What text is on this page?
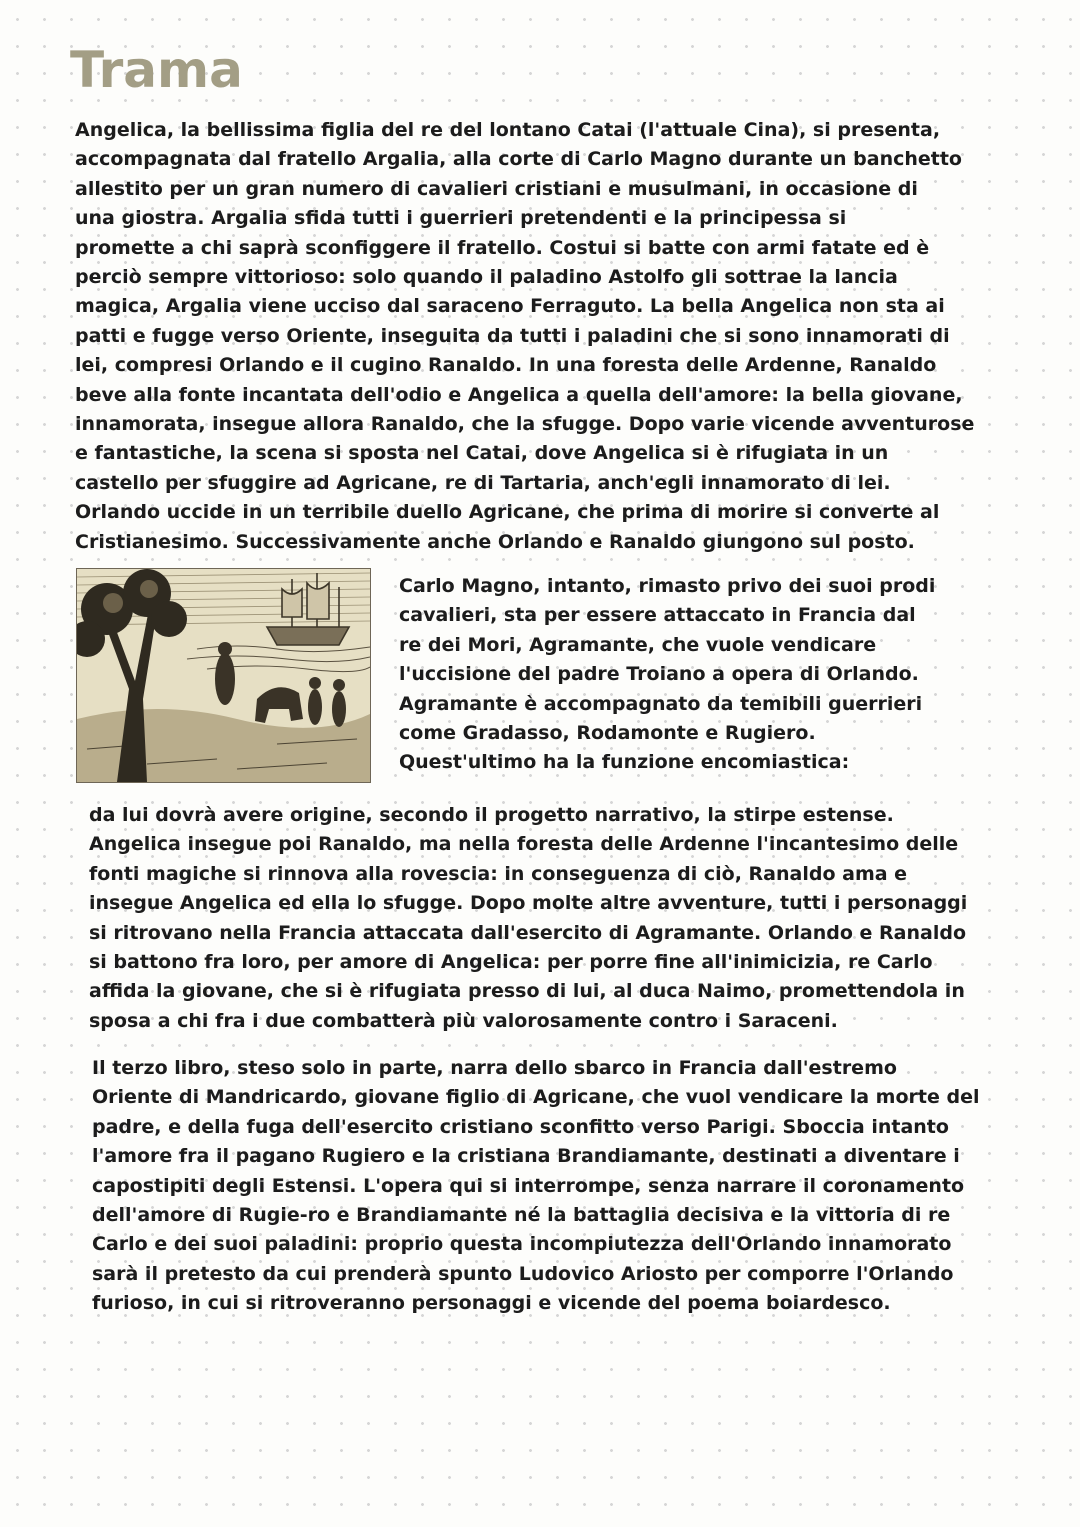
Trama

Angelica, la bellissima figlia del re del lontano Catai (l'attuale Cina), si presenta,
accompagnata dal fratello Argalia, alla corte di Carlo Magno durante un banchetto
allestito per un gran numero di cavalieri cristiani e musulmani, in occasione di
una giostra. Argalia sfida tutti i guerrieri pretendenti e la principessa si
promette a chi saprà sconfiggere il fratello. Costui si batte con armi fatate ed è
perciò sempre vittorioso: solo quando il paladino Astolfo gli sottrae la lancia
magica, Argalia viene ucciso dal saraceno Ferraguto. La bella Angelica non sta ai
patti e fugge verso Oriente, inseguita da tutti i paladini che si sono innamorati di
lei, compresi Orlando e il cugino Ranaldo. In una foresta delle Ardenne, Ranaldo
beve alla fonte incantata dell'odio e Angelica a quella dell'amore: la bella giovane,
innamorata, insegue allora Ranaldo, che la sfugge. Dopo varie vicende avventurose
e fantastiche, la scena si sposta nel Catai, dove Angelica si è rifugiata in un
castello per sfuggire ad Agricane, re di Tartaria, anch'egli innamorato di lei.
Orlando uccide in un terribile duello Agricane, che prima di morire si converte al
Cristianesimo. Successivamente anche Orlando e Ranaldo giungono sul posto.

Carlo Magno, intanto, rimasto privo dei suoi prodi
cavalieri, sta per essere attaccato in Francia dal
re dei Mori, Agramante, che vuole vendicare
l'uccisione del padre Troiano a opera di Orlando.
Agramante è accompagnato da temibili guerrieri
come Gradasso, Rodamonte e Rugiero.
Quest'ultimo ha la funzione encomiastica:

da lui dovrà avere origine, secondo il progetto narrativo, la stirpe estense.
Angelica insegue poi Ranaldo, ma nella foresta delle Ardenne l'incantesimo delle
fonti magiche si rinnova alla rovescia: in conseguenza di ciò, Ranaldo ama e
insegue Angelica ed ella lo sfugge. Dopo molte altre avventure, tutti i personaggi
si ritrovano nella Francia attaccata dall'esercito di Agramante. Orlando e Ranaldo
si battono fra loro, per amore di Angelica: per porre fine all'inimicizia, re Carlo
affida la giovane, che si è rifugiata presso di lui, al duca Naimo, promettendola in
sposa a chi fra i due combatterà più valorosamente contro i Saraceni.

Il terzo libro, steso solo in parte, narra dello sbarco in Francia dall'estremo
Oriente di Mandricardo, giovane figlio di Agricane, che vuol vendicare la morte del
padre, e della fuga dell'esercito cristiano sconfitto verso Parigi. Sboccia intanto
l'amore fra il pagano Rugiero e la cristiana Brandiamante, destinati a diventare i
capostipiti degli Estensi. L'opera qui si interrompe, senza narrare il coronamento
dell'amore di Rugie-ro e Brandiamante né la battaglia decisiva e la vittoria di re
Carlo e dei suoi paladini: proprio questa incompiutezza dell'Orlando innamorato
sarà il pretesto da cui prenderà spunto Ludovico Ariosto per comporre l'Orlando
furioso, in cui si ritroveranno personaggi e vicende del poema boiardesco.
